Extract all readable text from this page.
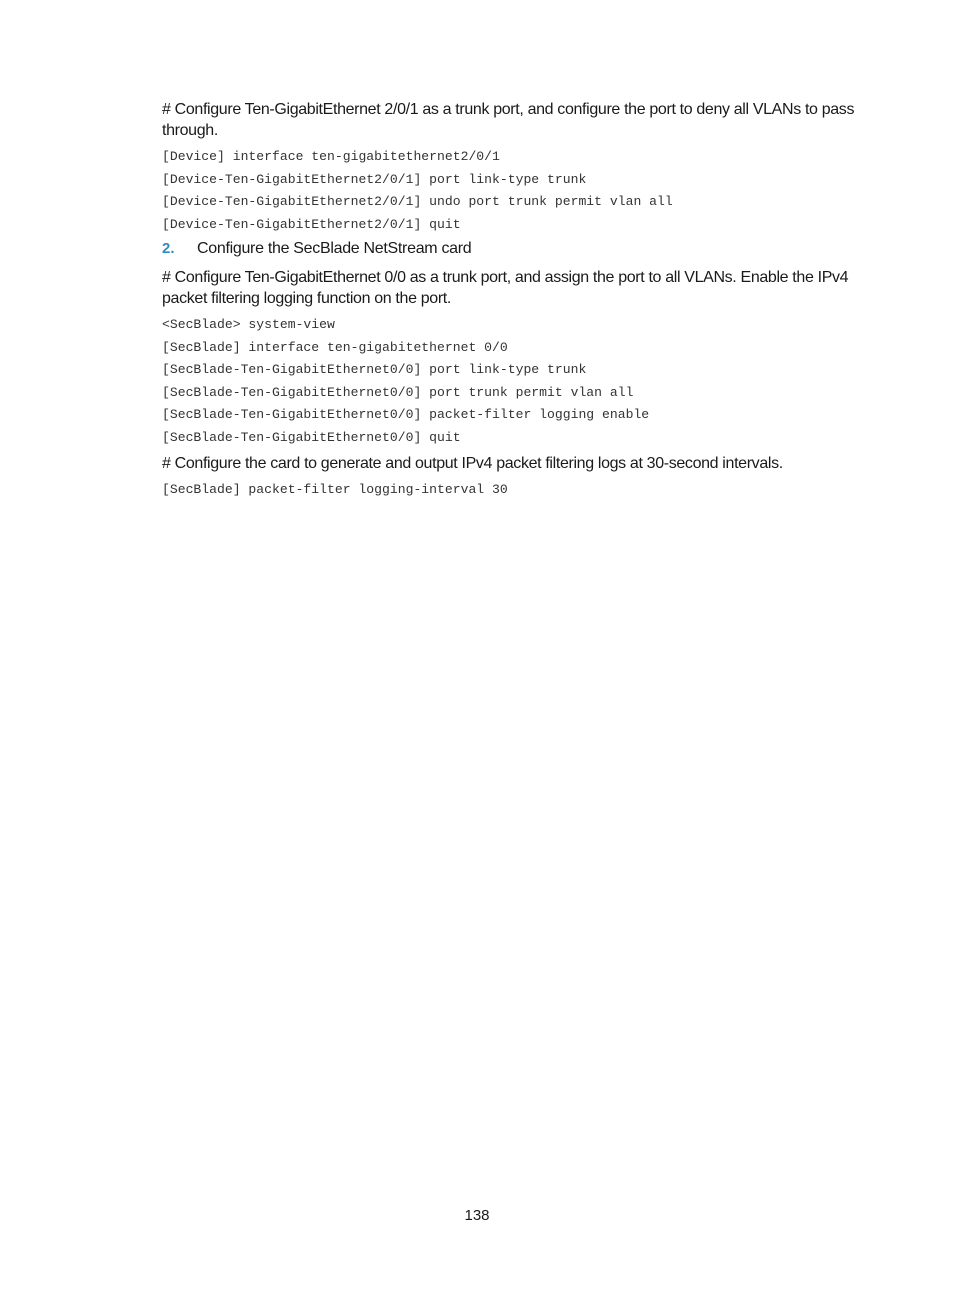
# Configure Ten-GigabitEthernet 2/0/1 as a trunk port, and configure the port to deny all VLANs to pass through.

[Device] interface ten-gigabitethernet2/0/1
[Device-Ten-GigabitEthernet2/0/1] port link-type trunk
[Device-Ten-GigabitEthernet2/0/1] undo port trunk permit vlan all
[Device-Ten-GigabitEthernet2/0/1] quit
2.	Configure the SecBlade NetStream card

# Configure Ten-GigabitEthernet 0/0 as a trunk port, and assign the port to all VLANs. Enable the IPv4 packet filtering logging function on the port.

<SecBlade> system-view
[SecBlade] interface ten-gigabitethernet 0/0
[SecBlade-Ten-GigabitEthernet0/0] port link-type trunk
[SecBlade-Ten-GigabitEthernet0/0] port trunk permit vlan all
[SecBlade-Ten-GigabitEthernet0/0] packet-filter logging enable
[SecBlade-Ten-GigabitEthernet0/0] quit

# Configure the card to generate and output IPv4 packet filtering logs at 30-second intervals.

[SecBlade] packet-filter logging-interval 30
138
